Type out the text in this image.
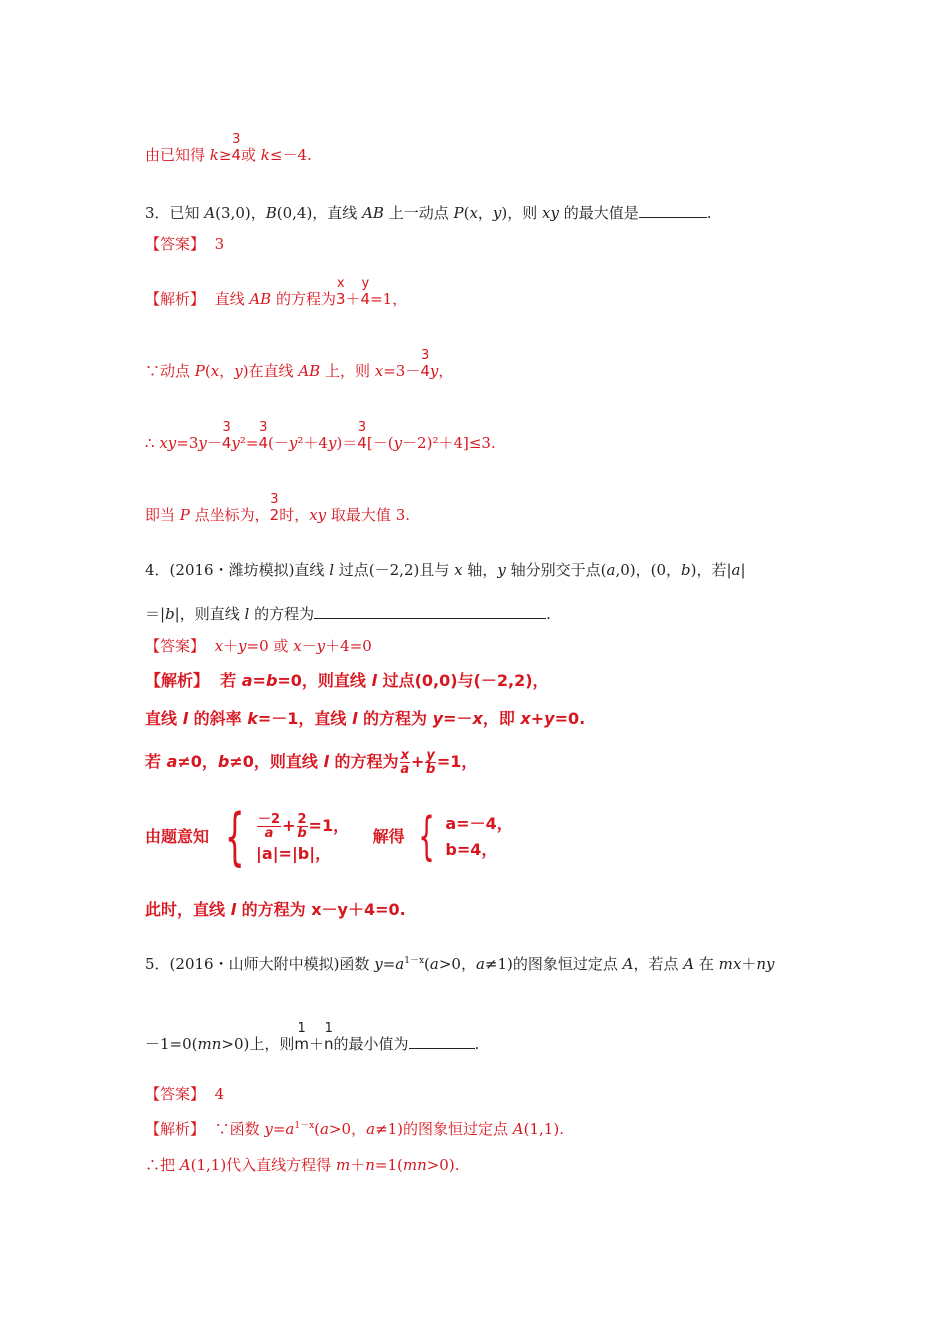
由已知得 k≥
3
4或 k≤－4.
3．已知 A(3,0)，B(0,4)，直线 AB 上一动点 P(x，y)，则 xy 的最大值是	.
【答案】 3
【解析】 直线 AB 的方程为
x
3＋
y
4=1，
∵动点 P(x，y)在直线 AB 上，则 x=3－
3
4y，
∴ xy=3y－
3
4y²=
3
4(－y²＋4y)＝
3
4[－(y－2)²＋4]≤3.
即当 P 点坐标为，
3
2时，xy 取最大值 3.
4．(2016・潍坊模拟)直线 l 过点(－2,2)且与 x 轴，y 轴分别交于点(a,0)，(0，b)，若|a|
＝|b|，则直线 l 的方程为	.
【答案】 x＋y=0 或 x－y＋4=0
【解析】 若 a=b=0，则直线 l 过点(0,0)与(－2,2)，
直线 l 的斜率 k=－1，直线 l 的方程为 y=－x，即 x+y=0.
若 a≠0，b≠0，则直线 l 的方程为 $\frac{x}{a} + \frac{y}{b} =1$，
由题意知 { $\frac{-2}{a} + \frac{2}{b} =1$，
|a|=|b|，
解得 { a=－4，
b=4，
此时，直线 l 的方程为 x－y＋4=0.
5．(2016・山师大附中模拟)函数 $y=a^{1-x}(a>0$，a≠1)的图象恒过定点 A，若点 A 在 mx＋ny
－1=0(mn>0)上，则
1
m＋
1
n的最小值为	.
【答案】 4
【解析】 ∵函数 $y=a^{1-x}(a>0$，a≠1)的图象恒过定点 A(1,1).
∴把 A(1,1)代入直线方程得 m＋n=1(mn>0).
